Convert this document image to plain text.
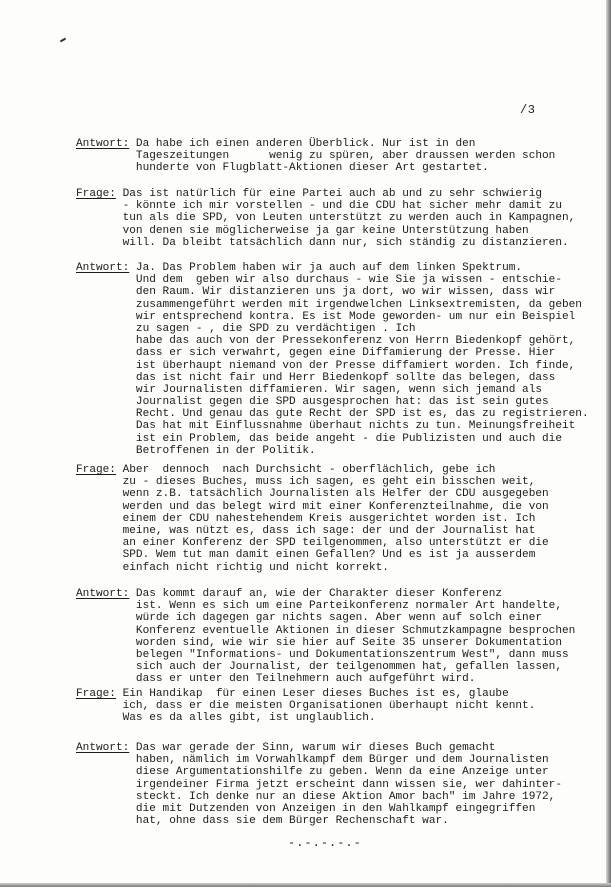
/3
Antwort: Da habe ich einen anderen Überblick. Nur ist in den
Tageszeitungen      wenig zu spüren, aber draussen werden schon
hunderte von Flugblatt-Aktionen dieser Art gestartet.
Frage: Das ist natürlich für eine Partei auch ab und zu sehr schwierig
- könnte ich mir vorstellen - und die CDU hat sicher mehr damit zu
tun als die SPD, von Leuten unterstützt zu werden auch in Kampagnen,
von denen sie möglicherweise ja gar keine Unterstützung haben
will. Da bleibt tatsächlich dann nur, sich ständig zu distanzieren.
Antwort: Ja. Das Problem haben wir ja auch auf dem linken Spektrum.
Und dem  geben wir also durchaus - wie Sie ja wissen - entschie-
den Raum. Wir distanzieren uns ja dort, wo wir wissen, dass wir
zusammengeführt werden mit irgendwelchen Linksextremisten, da geben
wir entsprechend kontra. Es ist Mode geworden- um nur ein Beispiel
zu sagen - , die SPD zu verdächtigen . Ich
habe das auch von der Pressekonferenz von Herrn Biedenkopf gehört,
dass er sich verwahrt, gegen eine Diffamierung der Presse. Hier
ist überhaupt niemand von der Presse diffamiert worden. Ich finde,
das ist nicht fair und Herr Biedenkopf sollte das belegen, dass
wir Journalisten diffamieren. Wir sagen, wenn sich jemand als
Journalist gegen die SPD ausgesprochen hat: das ist sein gutes
Recht. Und genau das gute Recht der SPD ist es, das zu registrieren.
Das hat mit Einflussnahme überhaut nichts zu tun. Meinungsfreiheit
ist ein Problem, das beide angeht - die Publizisten und auch die
Betroffenen in der Politik.
Frage: Aber  dennoch  nach Durchsicht - oberflächlich, gebe ich
zu - dieses Buches, muss ich sagen, es geht ein bisschen weit,
wenn z.B. tatsächlich Journalisten als Helfer der CDU ausgegeben
werden und das belegt wird mit einer Konferenzteilnahme, die von
einem der CDU nahestehendem Kreis ausgerichtet worden ist. Ich
meine, was nützt es, dass ich sage: der und der Journalist hat
an einer Konferenz der SPD teilgenommen, also unterstützt er die
SPD. Wem tut man damit einen Gefallen? Und es ist ja ausserdem
einfach nicht richtig und nicht korrekt.
Antwort: Das kommt darauf an, wie der Charakter dieser Konferenz
ist. Wenn es sich um eine Parteikonferenz normaler Art handelte,
würde ich dagegen gar nichts sagen. Aber wenn auf solch einer
Konferenz eventuelle Aktionen in dieser Schmutzkampagne besprochen
worden sind, wie wir sie hier auf Seite 35 unserer Dokumentation
belegen "Informations- und Dokumentationszentrum West", dann muss
sich auch der Journalist, der teilgenommen hat, gefallen lassen,
dass er unter den Teilnehmern auch aufgeführt wird.
Frage: Ein Handikap  für einen Leser dieses Buches ist es, glaube
ich, dass er die meisten Organisationen überhaupt nicht kennt.
Was es da alles gibt, ist unglaublich.
Antwort: Das war gerade der Sinn, warum wir dieses Buch gemacht
haben, nämlich im Vorwahlkampf dem Bürger und dem Journalisten
diese Argumentationshilfe zu geben. Wenn da eine Anzeige unter
irgendeiner Firma jetzt erscheint dann wissen sie, wer dahinter-
steckt. Ich denke nur an diese Aktion Amor bach" im Jahre 1972,
die mit Dutzenden von Anzeigen in den Wahlkampf eingegriffen
hat, ohne dass sie dem Bürger Rechenschaft war.
-.-.-.-.-
